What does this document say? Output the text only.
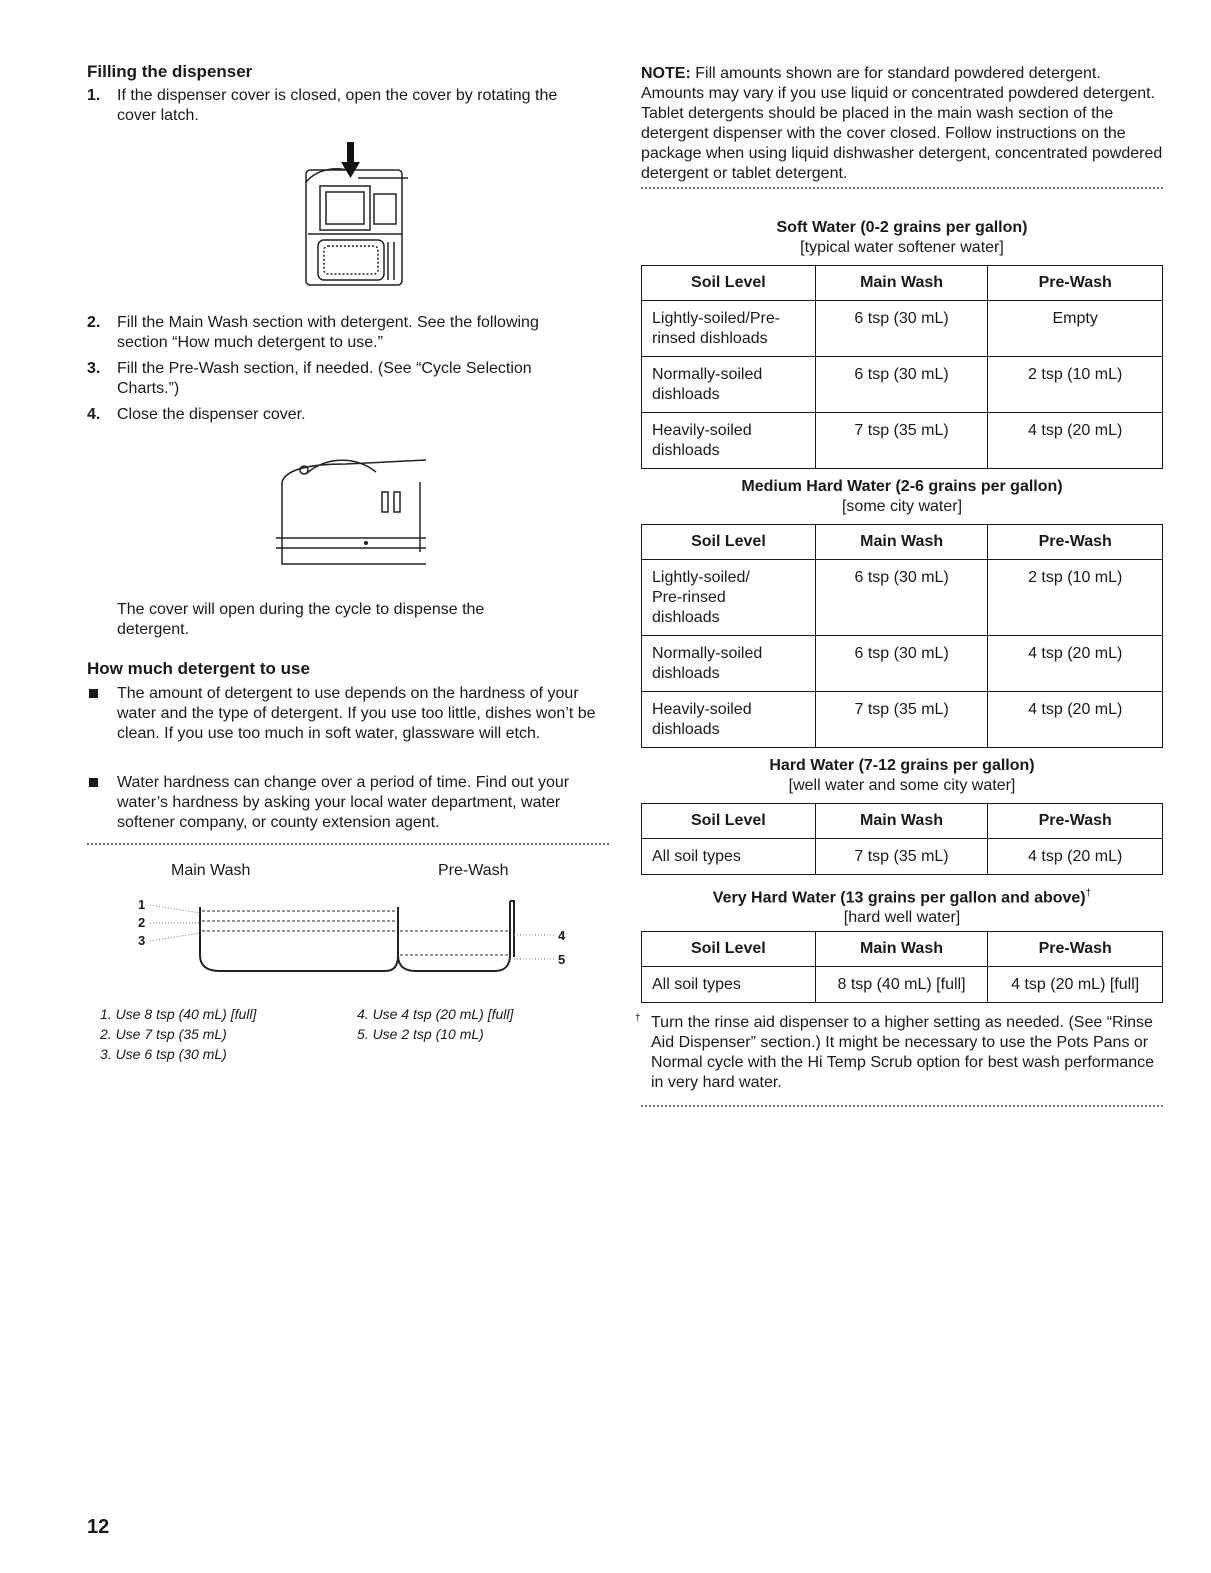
Filling the dispenser
1. If the dispenser cover is closed, open the cover by rotating the cover latch.
2. Fill the Main Wash section with detergent. See the following section “How much detergent to use.”
3. Fill the Pre-Wash section, if needed. (See “Cycle Selection Charts.”)
4. Close the dispenser cover.
The cover will open during the cycle to dispense the detergent.
How much detergent to use
The amount of detergent to use depends on the hardness of your water and the type of detergent. If you use too little, dishes won’t be clean. If you use too much in soft water, glassware will etch.
Water hardness can change over a period of time. Find out your water’s hardness by asking your local water department, water softener company, or county extension agent.
Main Wash	Pre-Wash
1
2
3	4
5
1. Use 8 tsp (40 mL) [full]
2. Use 7 tsp (35 mL)
3. Use 6 tsp (30 mL)
4. Use 4 tsp (20 mL) [full]
5. Use 2 tsp (10 mL)
12
NOTE: Fill amounts shown are for standard powdered detergent. Amounts may vary if you use liquid or concentrated powdered detergent. Tablet detergents should be placed in the main wash section of the detergent dispenser with the cover closed. Follow instructions on the package when using liquid dishwasher detergent, concentrated powdered detergent or tablet detergent.
Soft Water (0-2 grains per gallon)
[typical water softener water]
Soil Level	Main Wash	Pre-Wash

Lightly-soiled/Pre-rinsed dishloads	6 tsp (30 mL)	Empty

Normally-soiled dishloads	6 tsp (30 mL)	2 tsp (10 mL)

Heavily-soiled dishloads	7 tsp (35 mL)	4 tsp (20 mL)
Medium Hard Water (2-6 grains per gallon)
[some city water]
Soil Level	Main Wash	Pre-Wash

Lightly-soiled/ Pre-rinsed dishloads	6 tsp (30 mL)	2 tsp (10 mL)

Normally-soiled dishloads	6 tsp (30 mL)	4 tsp (20 mL)

Heavily-soiled dishloads	7 tsp (35 mL)	4 tsp (20 mL)
Hard Water (7-12 grains per gallon)
[well water and some city water]
Soil Level	Main Wash	Pre-Wash

All soil types	7 tsp (35 mL)	4 tsp (20 mL)
Very Hard Water (13 grains per gallon and above)†
[hard well water]
Soil Level	Main Wash	Pre-Wash

All soil types	8 tsp (40 mL) [full]	4 tsp (20 mL) [full]
† Turn the rinse aid dispenser to a higher setting as needed. (See “Rinse Aid Dispenser” section.) It might be necessary to use the Pots Pans or Normal cycle with the Hi Temp Scrub option for best wash performance in very hard water.
